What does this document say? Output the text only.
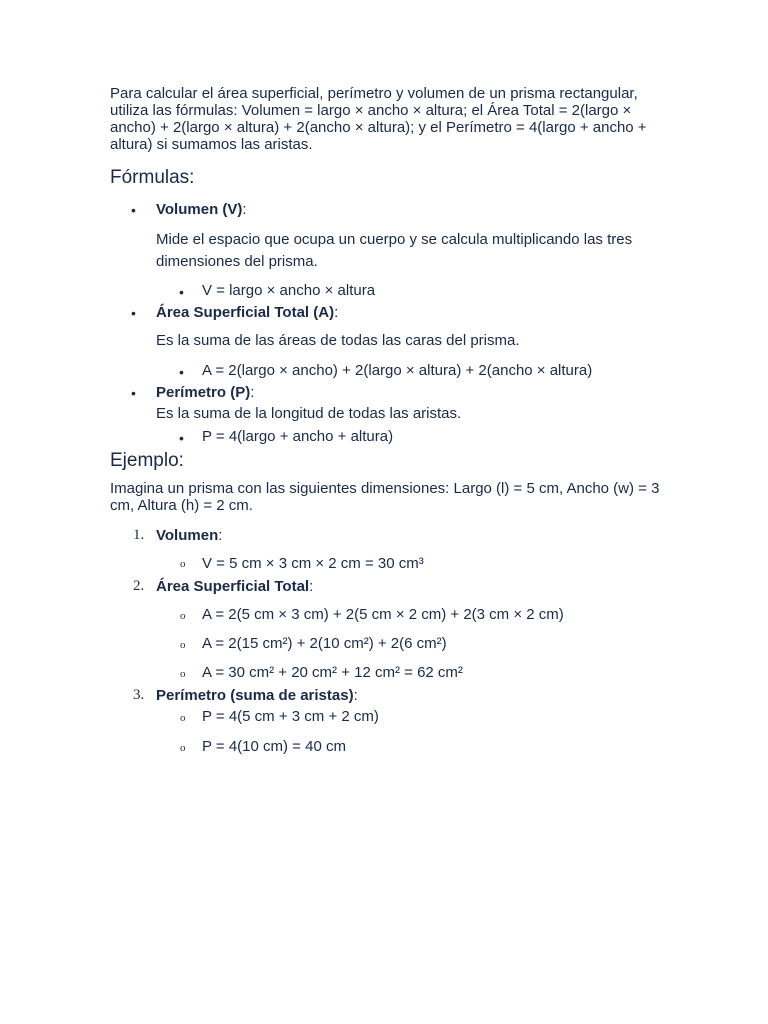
Para calcular el área superficial, perímetro y volumen de un prisma rectangular, utiliza las fórmulas: Volumen = largo × ancho × altura; el Área Total = 2(largo × ancho) + 2(largo × altura) + 2(ancho × altura); y el Perímetro = 4(largo + ancho + altura) si sumamos las aristas.
Fórmulas:
• Volumen (V):
Mide el espacio que ocupa un cuerpo y se calcula multiplicando las tres dimensiones del prisma.
• V = largo × ancho × altura
• Área Superficial Total (A):
Es la suma de las áreas de todas las caras del prisma.
• A = 2(largo × ancho) + 2(largo × altura) + 2(ancho × altura)
• Perímetro (P):
Es la suma de la longitud de todas las aristas.
• P = 4(largo + ancho + altura)
Ejemplo:
Imagina un prisma con las siguientes dimensiones: Largo (l) = 5 cm, Ancho (w) = 3 cm, Altura (h) = 2 cm.
1. Volumen:
o V = 5 cm × 3 cm × 2 cm = 30 cm³
2. Área Superficial Total:
o A = 2(5 cm × 3 cm) + 2(5 cm × 2 cm) + 2(3 cm × 2 cm)
o A = 2(15 cm²) + 2(10 cm²) + 2(6 cm²)
o A = 30 cm² + 20 cm² + 12 cm² = 62 cm²
3. Perímetro (suma de aristas):
o P = 4(5 cm + 3 cm + 2 cm)
o P = 4(10 cm) = 40 cm
